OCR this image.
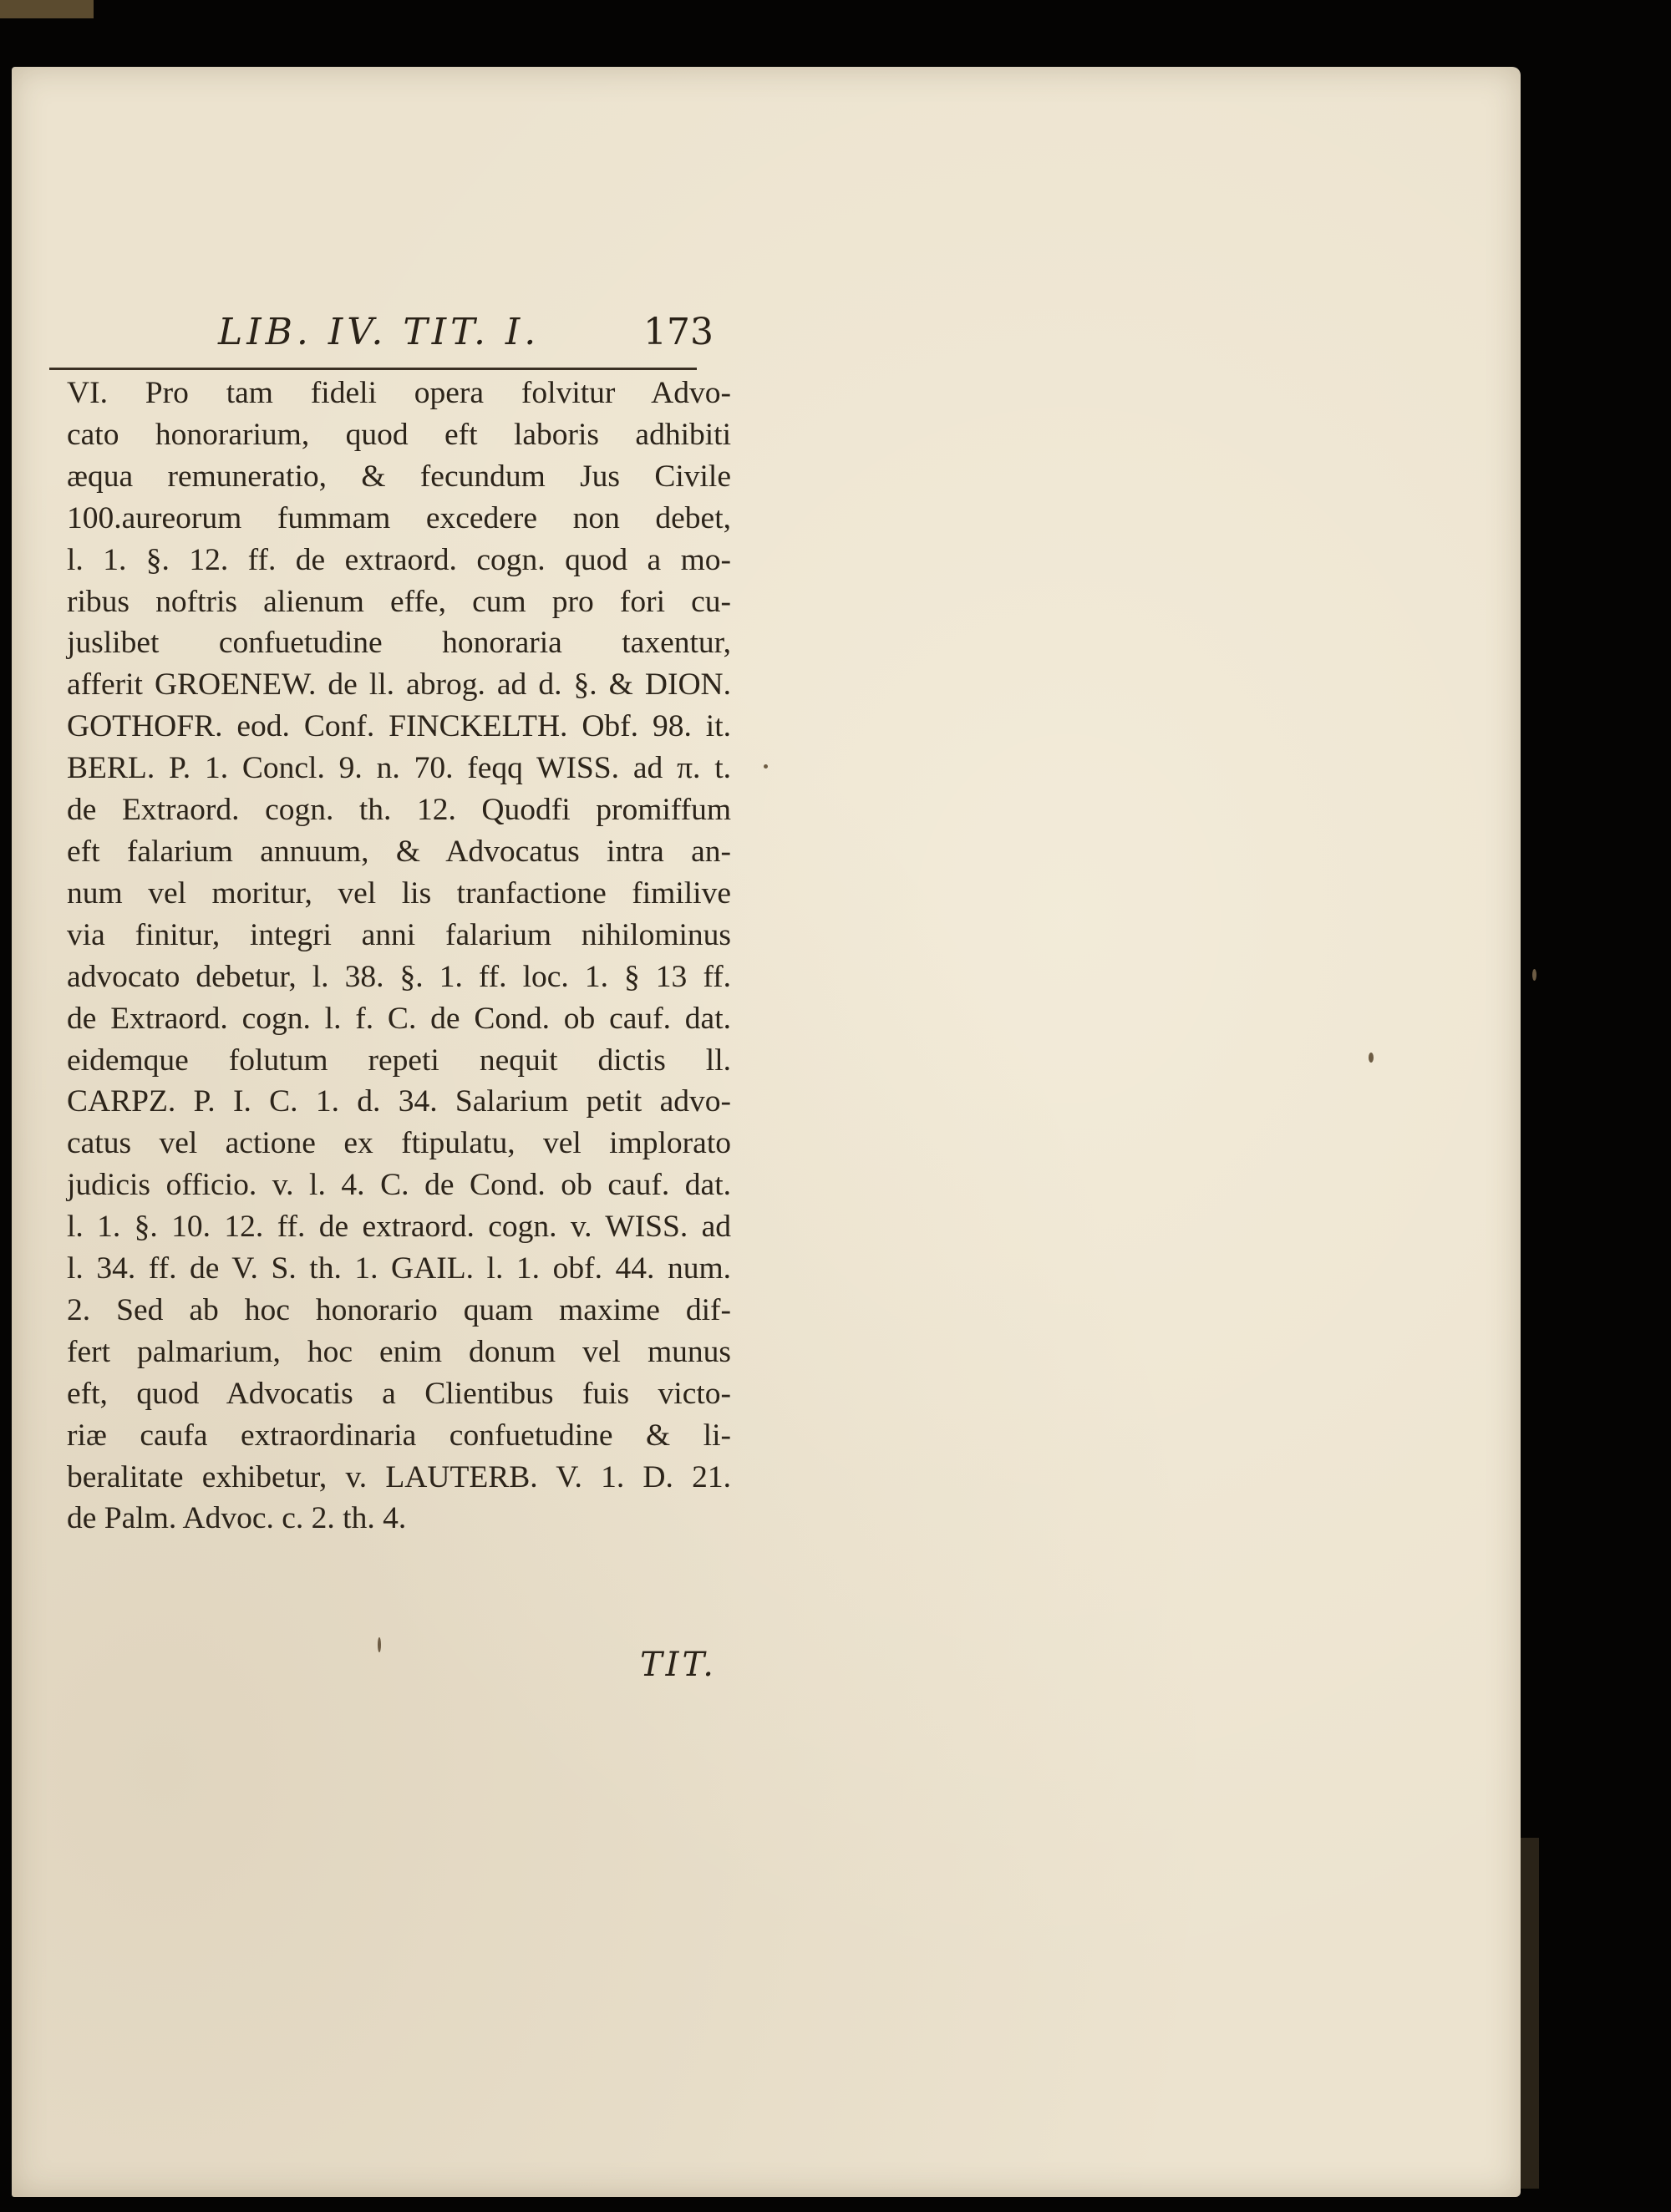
LIB. IV. TIT. I.	173
VI. Pro tam fideli opera folvitur Advo-
cato honorarium, quod eft laboris adhibiti
æqua remuneratio, & fecundum Jus Civile
100.aureorum fummam excedere non debet,
l. 1. §. 12. ff. de extraord. cogn. quod a mo-
ribus noftris alienum effe, cum pro fori cu-
juslibet confuetudine honoraria taxentur,
afferit GROENEW. de ll. abrog. ad d. §. & DION.
GOTHOFR. eod. Conf. FINCKELTH. Obf. 98. it.
BERL. P. 1. Concl. 9. n. 70. feqq WISS. ad π. t.
de Extraord. cogn. th. 12. Quodfi promiffum
eft falarium annuum, & Advocatus intra an-
num vel moritur, vel lis tranfactione fimilive
via finitur, integri anni falarium nihilominus
advocato debetur, l. 38. §. 1. ff. loc. 1. § 13 ff.
de Extraord. cogn. l. f. C. de Cond. ob cauf. dat.
eidemque folutum repeti nequit dictis ll.
CARPZ. P. I. C. 1. d. 34. Salarium petit advo-
catus vel actione ex ftipulatu, vel implorato
judicis officio. v. l. 4. C. de Cond. ob cauf. dat.
l. 1. §. 10. 12. ff. de extraord. cogn. v. WISS. ad
l. 34. ff. de V. S. th. 1. GAIL. l. 1. obf. 44. num.
2. Sed ab hoc honorario quam maxime dif-
fert palmarium, hoc enim donum vel munus
eft, quod Advocatis a Clientibus fuis victo-
riæ caufa extraordinaria confuetudine & li-
beralitate exhibetur, v. LAUTERB. V. 1. D. 21.
de Palm. Advoc. c. 2. th. 4.
TIT.
